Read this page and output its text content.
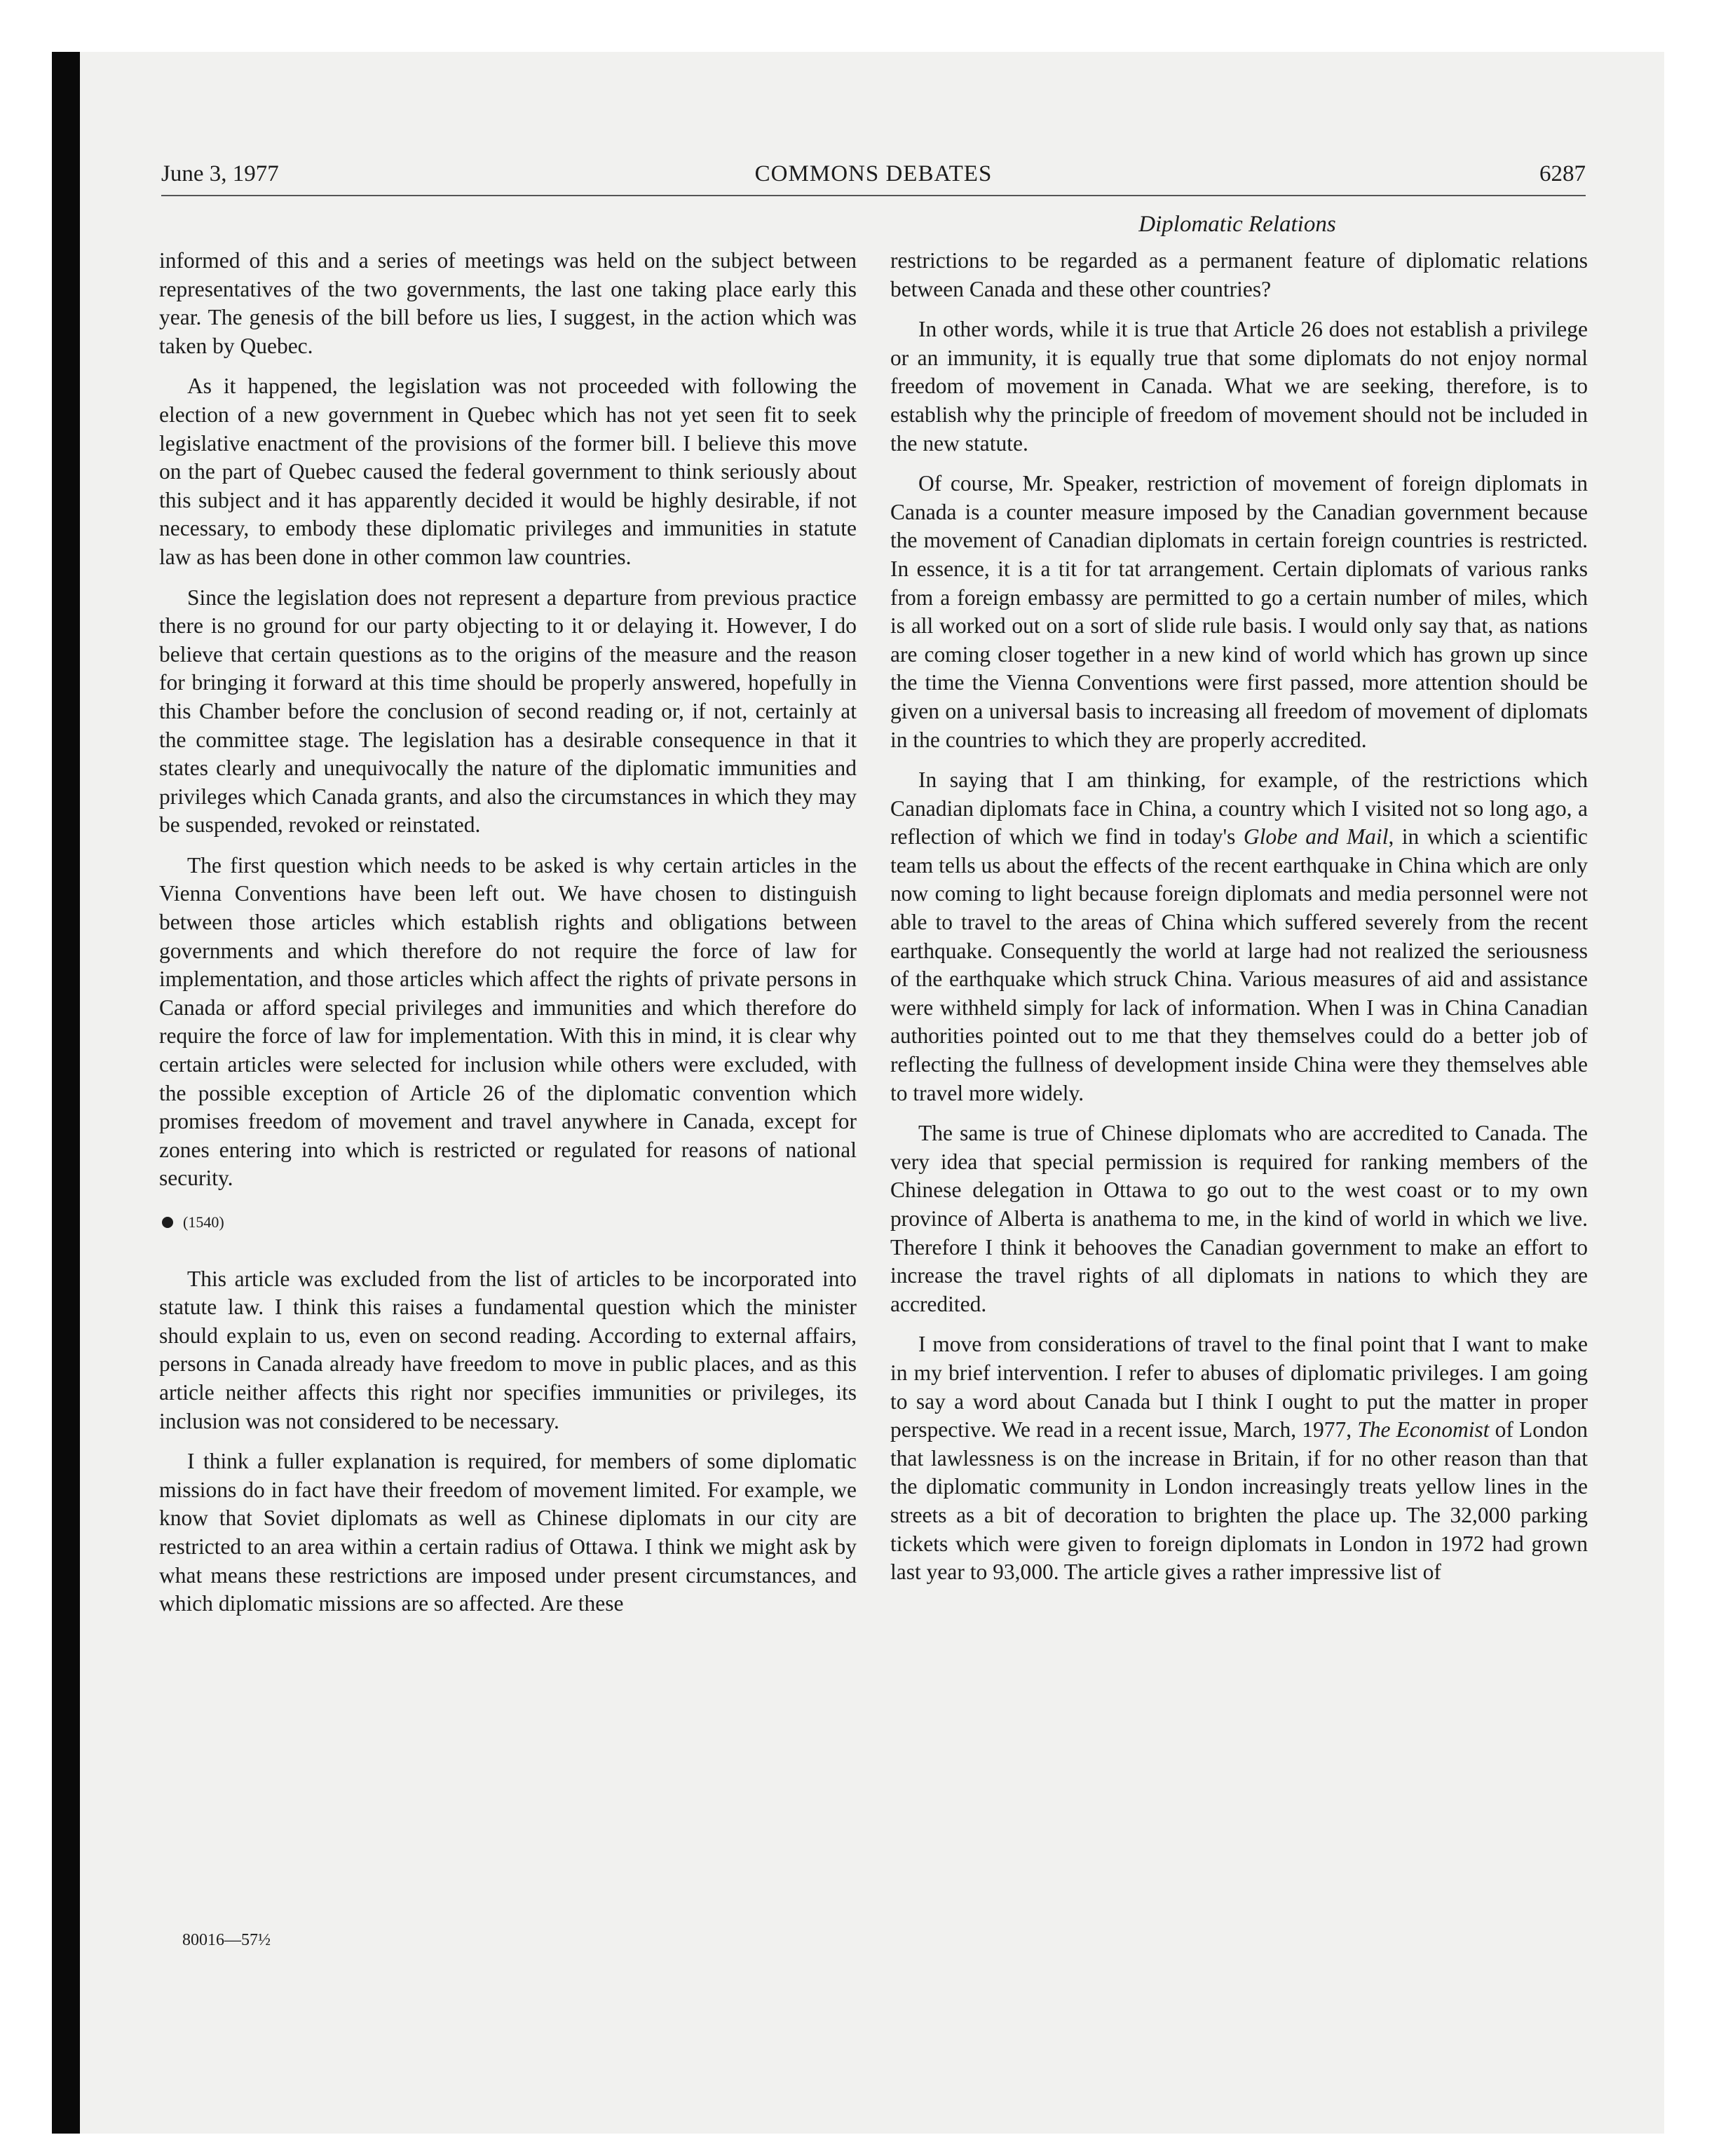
June 3, 1977	COMMONS DEBATES	6287
Diplomatic Relations

informed of this and a series of meetings was held on the subject between representatives of the two governments, the last one taking place early this year. The genesis of the bill before us lies, I suggest, in the action which was taken by Quebec.

As it happened, the legislation was not proceeded with following the election of a new government in Quebec which has not yet seen fit to seek legislative enactment of the provisions of the former bill. I believe this move on the part of Quebec caused the federal government to think seriously about this subject and it has apparently decided it would be highly desirable, if not necessary, to embody these diplomatic privileges and immunities in statute law as has been done in other common law countries.

Since the legislation does not represent a departure from previous practice there is no ground for our party objecting to it or delaying it. However, I do believe that certain questions as to the origins of the measure and the reason for bringing it forward at this time should be properly answered, hopefully in this Chamber before the conclusion of second reading or, if not, certainly at the committee stage. The legislation has a desirable consequence in that it states clearly and unequivocally the nature of the diplomatic immunities and privileges which Canada grants, and also the circumstances in which they may be suspended, revoked or reinstated.

The first question which needs to be asked is why certain articles in the Vienna Conventions have been left out. We have chosen to distinguish between those articles which establish rights and obligations between governments and which therefore do not require the force of law for implementation, and those articles which affect the rights of private persons in Canada or afford special privileges and immunities and which therefore do require the force of law for implementation. With this in mind, it is clear why certain articles were selected for inclusion while others were excluded, with the possible exception of Article 26 of the diplomatic convention which promises freedom of movement and travel anywhere in Canada, except for zones entering into which is restricted or regulated for reasons of national security.

(1540)

This article was excluded from the list of articles to be incorporated into statute law. I think this raises a fundamental question which the minister should explain to us, even on second reading. According to external affairs, persons in Canada already have freedom to move in public places, and as this article neither affects this right nor specifies immunities or privileges, its inclusion was not considered to be necessary.

I think a fuller explanation is required, for members of some diplomatic missions do in fact have their freedom of movement limited. For example, we know that Soviet diplomats as well as Chinese diplomats in our city are restricted to an area within a certain radius of Ottawa. I think we might ask by what means these restrictions are imposed under present circumstances, and which diplomatic missions are so affected. Are these

restrictions to be regarded as a permanent feature of diplomatic relations between Canada and these other countries?

In other words, while it is true that Article 26 does not establish a privilege or an immunity, it is equally true that some diplomats do not enjoy normal freedom of movement in Canada. What we are seeking, therefore, is to establish why the principle of freedom of movement should not be included in the new statute.

Of course, Mr. Speaker, restriction of movement of foreign diplomats in Canada is a counter measure imposed by the Canadian government because the movement of Canadian diplomats in certain foreign countries is restricted. In essence, it is a tit for tat arrangement. Certain diplomats of various ranks from a foreign embassy are permitted to go a certain number of miles, which is all worked out on a sort of slide rule basis. I would only say that, as nations are coming closer together in a new kind of world which has grown up since the time the Vienna Conventions were first passed, more attention should be given on a universal basis to increasing all freedom of movement of diplomats in the countries to which they are properly accredited.

In saying that I am thinking, for example, of the restrictions which Canadian diplomats face in China, a country which I visited not so long ago, a reflection of which we find in today's Globe and Mail, in which a scientific team tells us about the effects of the recent earthquake in China which are only now coming to light because foreign diplomats and media personnel were not able to travel to the areas of China which suffered severely from the recent earthquake. Consequently the world at large had not realized the seriousness of the earthquake which struck China. Various measures of aid and assistance were withheld simply for lack of information. When I was in China Canadian authorities pointed out to me that they themselves could do a better job of reflecting the fullness of development inside China were they themselves able to travel more widely.

The same is true of Chinese diplomats who are accredited to Canada. The very idea that special permission is required for ranking members of the Chinese delegation in Ottawa to go out to the west coast or to my own province of Alberta is anathema to me, in the kind of world in which we live. Therefore I think it behooves the Canadian government to make an effort to increase the travel rights of all diplomats in nations to which they are accredited.

I move from considerations of travel to the final point that I want to make in my brief intervention. I refer to abuses of diplomatic privileges. I am going to say a word about Canada but I think I ought to put the matter in proper perspective. We read in a recent issue, March, 1977, The Economist of London that lawlessness is on the increase in Britain, if for no other reason than that the diplomatic community in London increasingly treats yellow lines in the streets as a bit of decoration to brighten the place up. The 32,000 parking tickets which were given to foreign diplomats in London in 1972 had grown last year to 93,000. The article gives a rather impressive list of

80016—57½
